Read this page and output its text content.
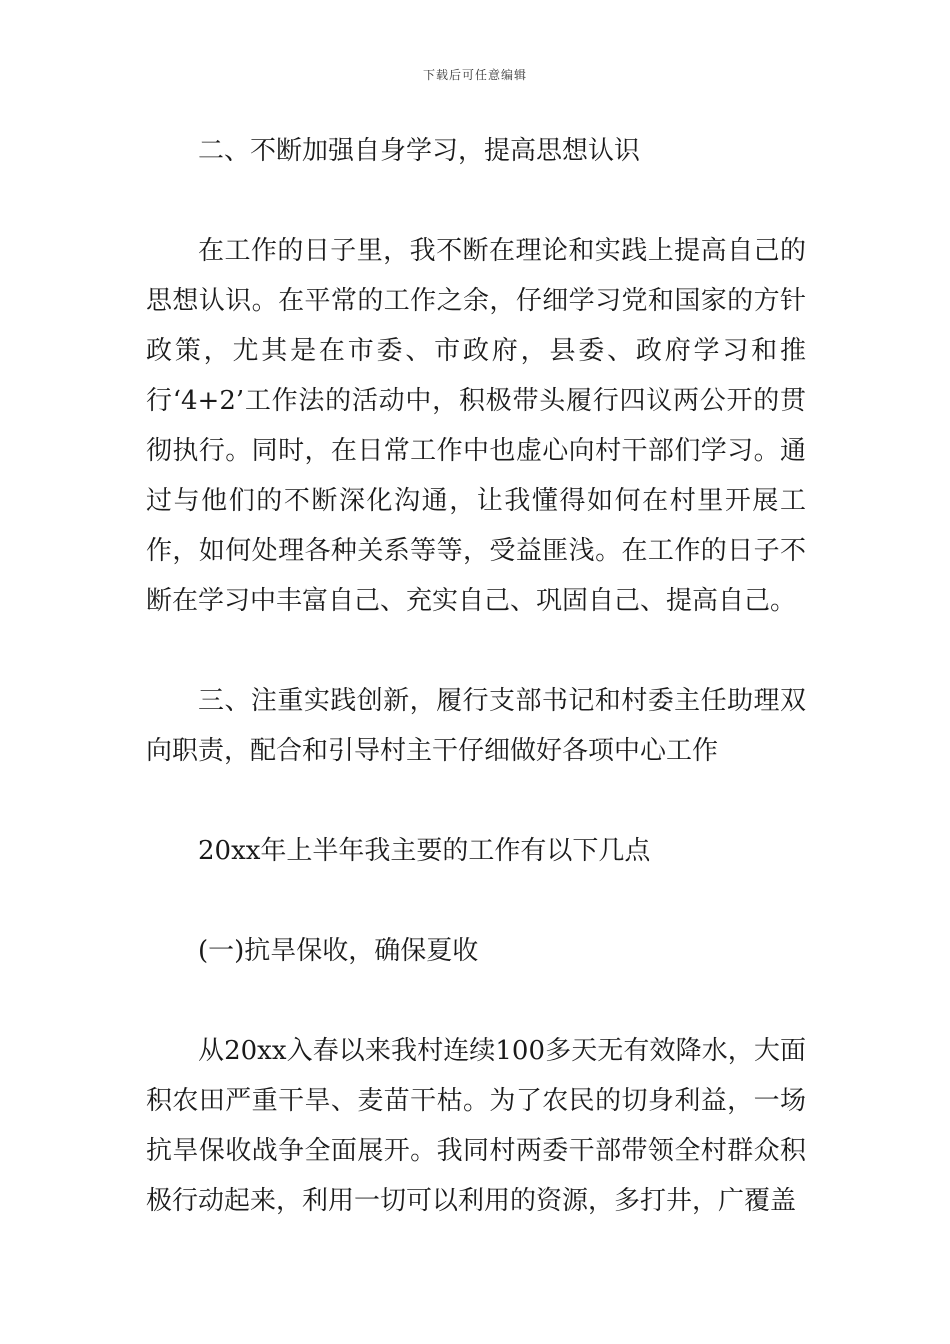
下载后可任意编辑

二、不断加强自身学习，提高思想认识

在工作的日子里，我不断在理论和实践上提高自己的思想认识。在平常的工作之余，仔细学习党和国家的方针政策，尤其是在市委、市政府，县委、政府学习和推行‘4+2’工作法的活动中，积极带头履行四议两公开的贯彻执行。同时，在日常工作中也虚心向村干部们学习。通过与他们的不断深化沟通，让我懂得如何在村里开展工作，如何处理各种关系等等，受益匪浅。在工作的日子不断在学习中丰富自己、充实自己、巩固自己、提高自己。

三、注重实践创新，履行支部书记和村委主任助理双向职责，配合和引导村主干仔细做好各项中心工作

20xx年上半年我主要的工作有以下几点

(一)抗旱保收，确保夏收

从20xx入春以来我村连续100多天无有效降水，大面积农田严重干旱、麦苗干枯。为了农民的切身利益，一场抗旱保收战争全面展开。我同村两委干部带领全村群众积极行动起来，利用一切可以利用的资源，多打井，广覆盖
